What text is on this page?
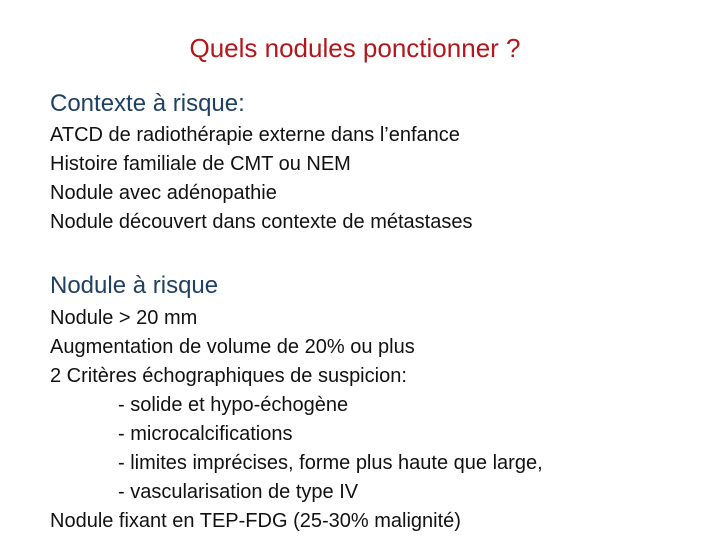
Quels nodules ponctionner ?
Contexte à risque:
ATCD de radiothérapie externe dans l’enfance
Histoire familiale de CMT ou NEM
Nodule avec adénopathie
Nodule découvert dans contexte de métastases
Nodule à risque
Nodule > 20 mm
Augmentation de volume de 20% ou plus
2 Critères échographiques de suspicion:
- solide et hypo-échogène
- microcalcifications
- limites imprécises, forme plus haute que large,
- vascularisation de type IV
Nodule fixant en TEP-FDG (25-30% malignité)
